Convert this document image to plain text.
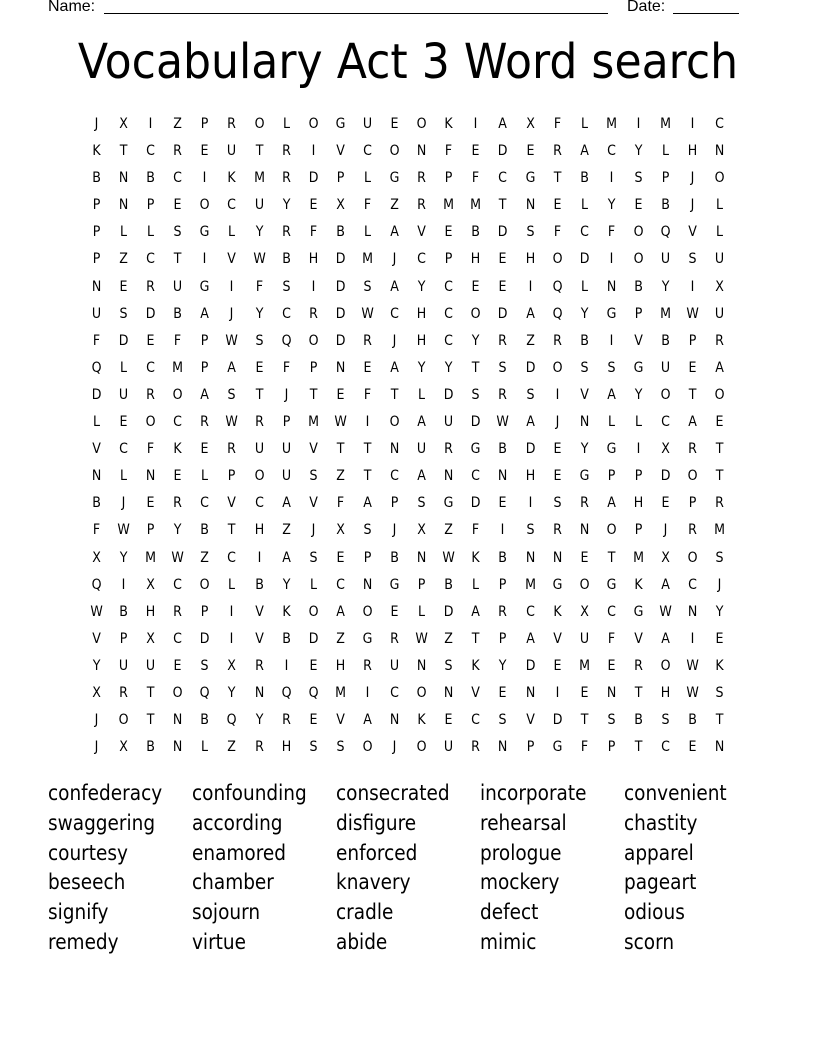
Name:	Date:
Vocabulary Act 3 Word search
J	X	I	Z	P	R	O	L	O	G	U	E	O	K	I	A	X	F	L	M	I	M	I	C
K	T	C	R	E	U	T	R	I	V	C	O	N	F	E	D	E	R	A	C	Y	L	H	N
B	N	B	C	I	K	M	R	D	P	L	G	R	P	F	C	G	T	B	I	S	P	J	O
P	N	P	E	O	C	U	Y	E	X	F	Z	R	M	M	T	N	E	L	Y	E	B	J	L
P	L	L	S	G	L	Y	R	F	B	L	A	V	E	B	D	S	F	C	F	O	Q	V	L
P	Z	C	T	I	V	W	B	H	D	M	J	C	P	H	E	H	O	D	I	O	U	S	U
N	E	R	U	G	I	F	S	I	D	S	A	Y	C	E	E	I	Q	L	N	B	Y	I	X
U	S	D	B	A	J	Y	C	R	D	W	C	H	C	O	D	A	Q	Y	G	P	M	W	U
F	D	E	F	P	W	S	Q	O	D	R	J	H	C	Y	R	Z	R	B	I	V	B	P	R
Q	L	C	M	P	A	E	F	P	N	E	A	Y	Y	T	S	D	O	S	S	G	U	E	A
D	U	R	O	A	S	T	J	T	E	F	T	L	D	S	R	S	I	V	A	Y	O	T	O
L	E	O	C	R	W	R	P	M	W	I	O	A	U	D	W	A	J	N	L	L	C	A	E
V	C	F	K	E	R	U	U	V	T	T	N	U	R	G	B	D	E	Y	G	I	X	R	T
N	L	N	E	L	P	O	U	S	Z	T	C	A	N	C	N	H	E	G	P	P	D	O	T
B	J	E	R	C	V	C	A	V	F	A	P	S	G	D	E	I	S	R	A	H	E	P	R
F	W	P	Y	B	T	H	Z	J	X	S	J	X	Z	F	I	S	R	N	O	P	J	R	M
X	Y	M	W	Z	C	I	A	S	E	P	B	N	W	K	B	N	N	E	T	M	X	O	S
Q	I	X	C	O	L	B	Y	L	C	N	G	P	B	L	P	M	G	O	G	K	A	C	J
W	B	H	R	P	I	V	K	O	A	O	E	L	D	A	R	C	K	X	C	G	W	N	Y
V	P	X	C	D	I	V	B	D	Z	G	R	W	Z	T	P	A	V	U	F	V	A	I	E
Y	U	U	E	S	X	R	I	E	H	R	U	N	S	K	Y	D	E	M	E	R	O	W	K
X	R	T	O	Q	Y	N	Q	Q	M	I	C	O	N	V	E	N	I	E	N	T	H	W	S
J	O	T	N	B	Q	Y	R	E	V	A	N	K	E	C	S	V	D	T	S	B	S	B	T
J	X	B	N	L	Z	R	H	S	S	O	J	O	U	R	N	P	G	F	P	T	C	E	N
confederacy	confounding	consecrated	incorporate	convenient
swaggering	according	disfigure	rehearsal	chastity
courtesy	enamored	enforced	prologue	apparel
beseech	chamber	knavery	mockery	pageart
signify	sojourn	cradle	defect	odious
remedy	virtue	abide	mimic	scorn
